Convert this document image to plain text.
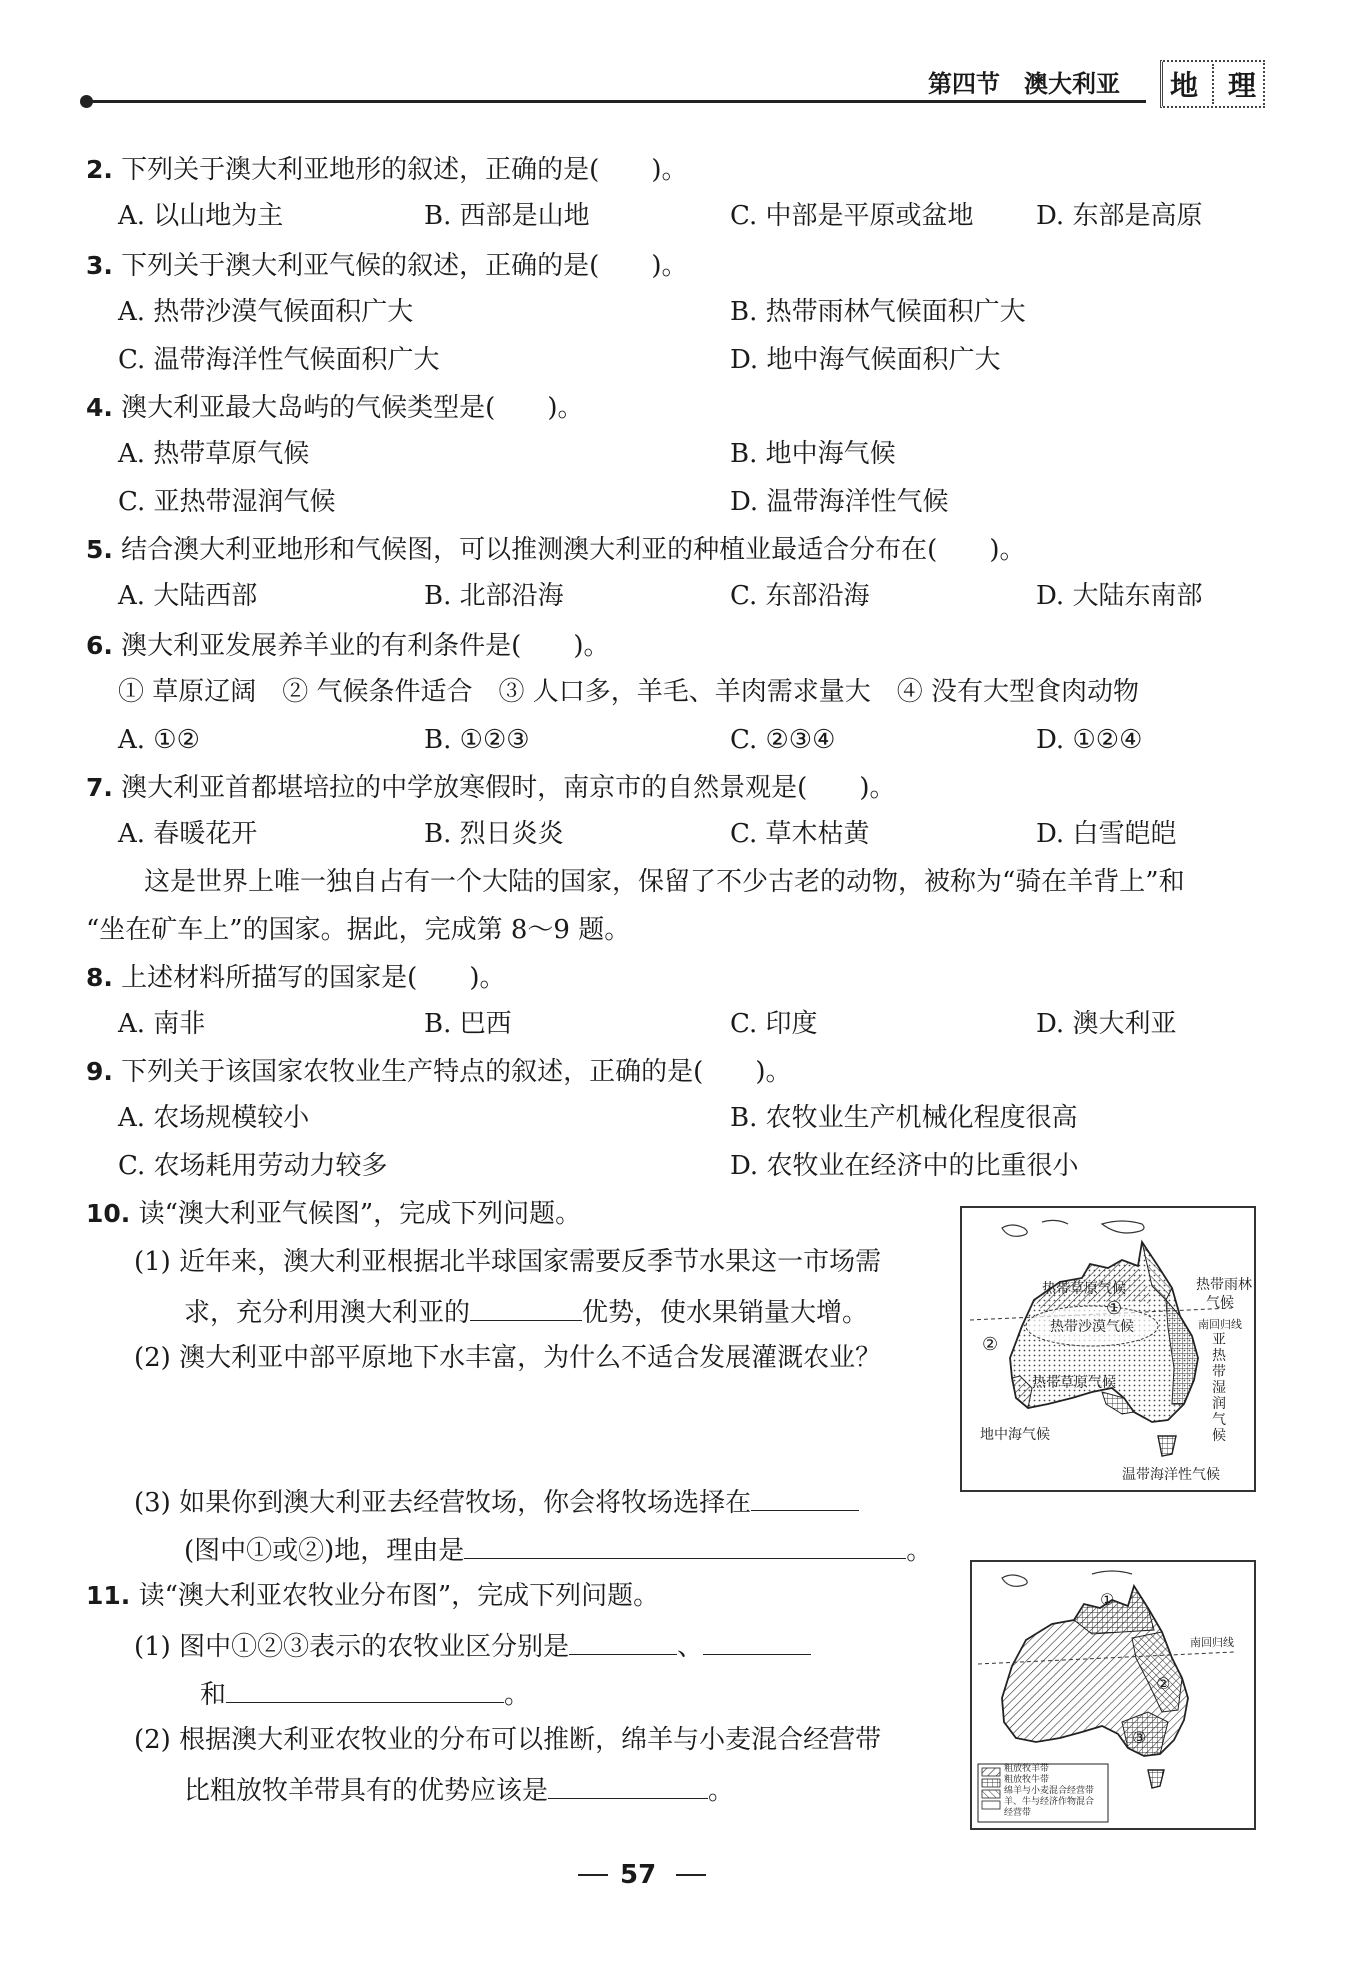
第四节　澳大利亚 地	理
2. 下列关于澳大利亚地形的叙述，正确的是(　　)。
A. 以山地为主	B. 西部是山地	C. 中部是平原或盆地 D. 东部是高原
3. 下列关于澳大利亚气候的叙述，正确的是(　　)。
A. 热带沙漠气候面积广大	B. 热带雨林气候面积广大
C. 温带海洋性气候面积广大	D. 地中海气候面积广大
4. 澳大利亚最大岛屿的气候类型是(　　)。
A. 热带草原气候	B. 地中海气候
C. 亚热带湿润气候	D. 温带海洋性气候
5. 结合澳大利亚地形和气候图，可以推测澳大利亚的种植业最适合分布在(　　)。
A. 大陆西部	B. 北部沿海	C. 东部沿海	D. 大陆东南部
6. 澳大利亚发展养羊业的有利条件是(　　)。
① 草原辽阔　② 气候条件适合　③ 人口多，羊毛、羊肉需求量大　④ 没有大型食肉动物
A. ①②	B. ①②③	C. ②③④	D. ①②④
7. 澳大利亚首都堪培拉的中学放寒假时，南京市的自然景观是(　　)。
A. 春暖花开	B. 烈日炎炎	C. 草木枯黄	D. 白雪皑皑
这是世界上唯一独自占有一个大陆的国家，保留了不少古老的动物，被称为“骑在羊背上”和
“坐在矿车上”的国家。据此，完成第 8～9 题。
8. 上述材料所描写的国家是(　　)。
A. 南非	B. 巴西	C. 印度	D. 澳大利亚
9. 下列关于该国家农牧业生产特点的叙述，正确的是(　　)。
A. 农场规模较小	B. 农牧业生产机械化程度很高
C. 农场耗用劳动力较多	D. 农牧业在经济中的比重很小
10. 读“澳大利亚气候图”，完成下列问题。
(1) 近年来，澳大利亚根据北半球国家需要反季节水果这一市场需
求，充分利用澳大利亚的	优势，使水果销量大增。
(2) 澳大利亚中部平原地下水丰富，为什么不适合发展灌溉农业？
(3) 如果你到澳大利亚去经营牧场，你会将牧场选择在
(图中①或②)地，理由是	。
11. 读“澳大利亚农牧业分布图”，完成下列问题。
(1) 图中①②③表示的农牧业区分别是	、
和	。
(2) 根据澳大利亚农牧业的分布可以推断，绵羊与小麦混合经营带
比粗放牧羊带具有的优势应该是	。
热带草原气候	热带雨林
气候
①
南回归线
热带沙漠气候
亚
热
带
湿
润
气
候
②
热带草原气候
地中海气候
温带海洋性气候
①
②
③
南回归线
粗放牧羊带
粗放牧牛带
绵羊与小麦混合经营带
羊、牛与经济作物混合
经营带
57
